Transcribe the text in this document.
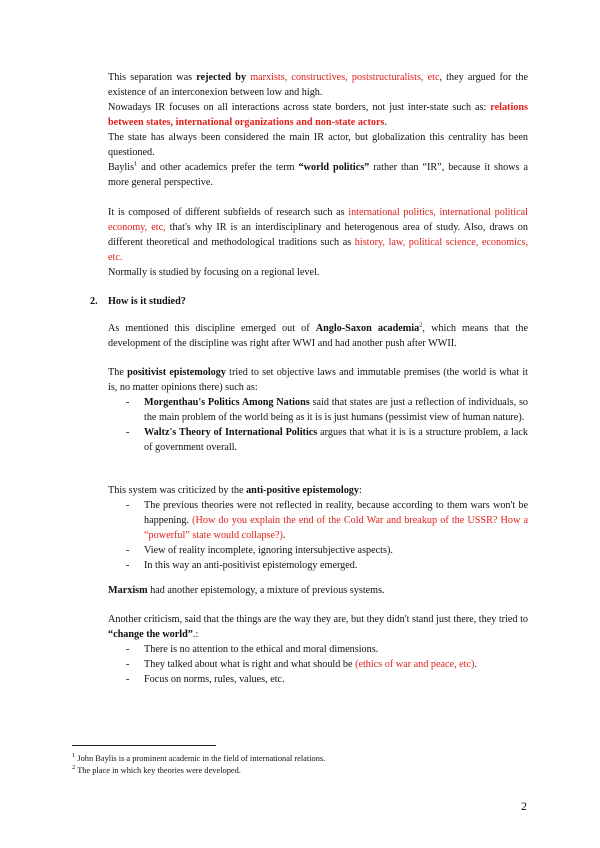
This separation was rejected by marxists, constructives, poststructuralists, etc, they argued for the existence of an interconexion between low and high.

Nowadays IR focuses on all interactions across state borders, not just inter-state such as: relations between states, international organizations and non-state actors.

The state has always been considered the main IR actor, but globalization this centrality has been questioned.

Baylis$^1$ and other academics prefer the term “world politics” rather than “IR”, because it shows a more general perspective.

It is composed of different subfields of research such as international politics, international political economy, etc, that's why IR is an interdisciplinary and heterogenous area of study. Also, draws on different theoretical and methodological traditions such as history, law, political science, economics, etc.
Normally is studied by focusing on a regional level.

2. How is it studied?

As mentioned this discipline emerged out of Anglo-Saxon academia$^2$, which means that the development of the discipline was right after WWI and had another push after WWII.

The positivist epistemology tried to set objective laws and immutable premises (the world is what it is, no matter opinions there) such as:

- Morgenthau's Politics Among Nations said that states are just a reflection of individuals, so the main problem of the world being as it is is just humans (pessimist view of human nature).
- Waltz's Theory of International Politics argues that what it is is a structure problem, a lack of government overall.

This system was criticized by the anti-positive epistemology:

- The previous theories were not reflected in reality, because according to them wars won't be happening. (How do you explain the end of the Cold War and breakup of the USSR? How a “powerful” state would collapse?).
- View of reality incomplete, ignoring intersubjective aspects).
- In this way an anti-positivist epistemology emerged.

Marxism had another epistemology, a mixture of previous systems.

Another criticism, said that the things are the way they are, but they didn't stand just there, they tried to “change the world”.:

- There is no attention to the ethical and moral dimensions.
- They talked about what is right and what should be (ethics of war and peace, etc).
- Focus on norms, rules, values, etc.

$^1$ John Baylis is a prominent academic in the field of international relations.

$^2$ The place in which key theories were developed.

2
